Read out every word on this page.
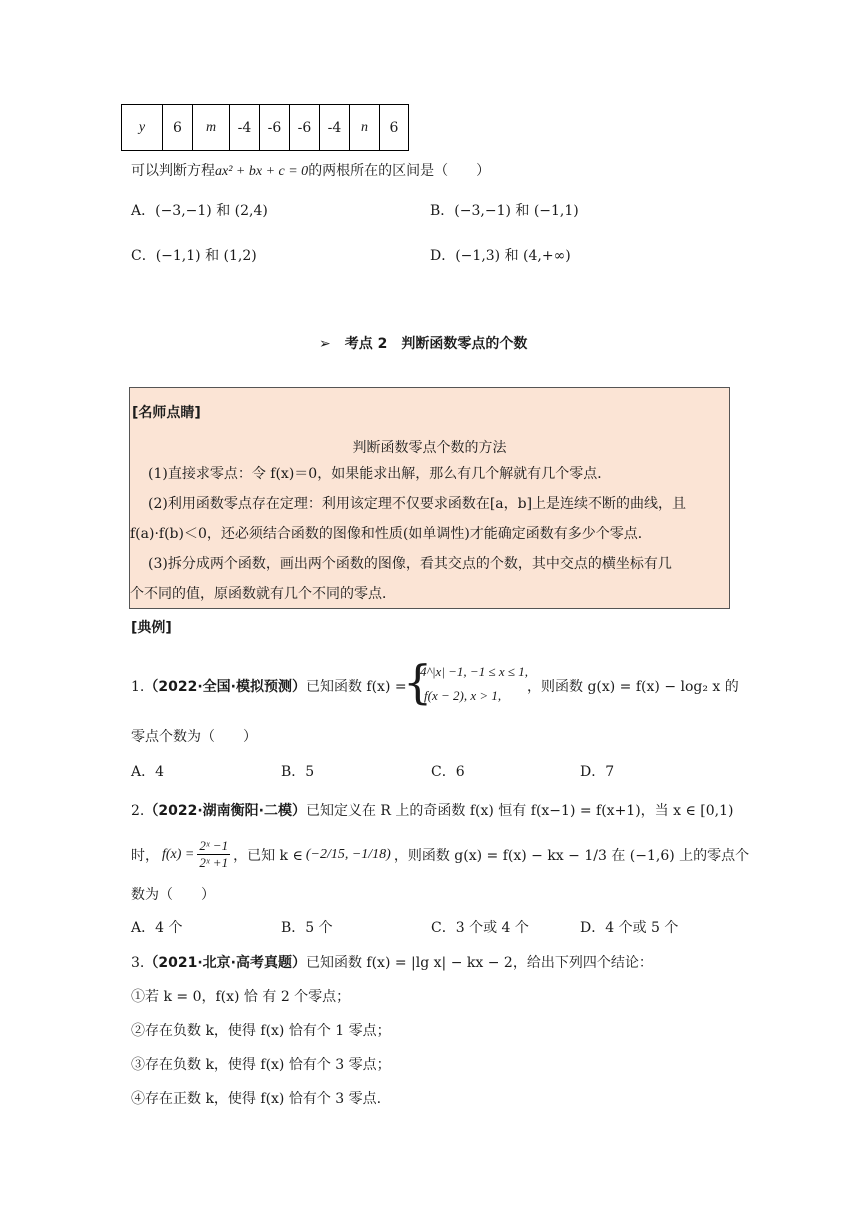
y	6	m	-4	-6	-6	-4	n	6
可以判断方程ax² + bx + c = 0的两根所在的区间是（　　）
A．(−3,−1) 和 (2,4)	B．(−3,−1) 和 (−1,1)
C．(−1,1) 和 (1,2)	D．(−1,3) 和 (4,+∞)
➢　考点 2　判断函数零点的个数
[名师点睛]
判断函数零点个数的方法
(1)直接求零点：令 f(x)＝0，如果能求出解，那么有几个解就有几个零点．
(2)利用函数零点存在定理：利用该定理不仅要求函数在[a，b]上是连续不断的曲线，且
f(a)·f(b)＜0，还必须结合函数的图像和性质(如单调性)才能确定函数有多少个零点．
(3)拆分成两个函数，画出两个函数的图像，看其交点的个数，其中交点的横坐标有几
个不同的值，原函数就有几个不同的零点．
[典例]
1.（2022·全国·模拟预测）已知函数 f(x) =
{
4^|x| −1, −1 ≤ x ≤ 1,
f(x − 2), x > 1,
，则函数 g(x) = f(x) − log₂ x 的
零点个数为（　　）
A．4	B．5	C．6	D．7
2.（2022·湖南衡阳·二模）已知定义在 R 上的奇函数 f(x) 恒有 f(x−1) = f(x+1)，当 x ∈ [0,1)
时， $f(x) = \frac{\text{2ˣ −1}}{\text{2ˣ +1}}$ ，已知 k ∈ (−2/15, −1/18) ，则函数 g(x) = f(x) − kx − 1/3 在 (−1,6) 上的零点个
数为（　　）
A．4 个	B．5 个	C．3 个或 4 个	D．4 个或 5 个
3.（2021·北京·高考真题）已知函数 f(x) = |lg x| − kx − 2，给出下列四个结论：
①若 k = 0，f(x) 恰 有 2 个零点；
②存在负数 k，使得 f(x) 恰有个 1 零点；
③存在负数 k，使得 f(x) 恰有个 3 零点；
④存在正数 k，使得 f(x) 恰有个 3 零点.
